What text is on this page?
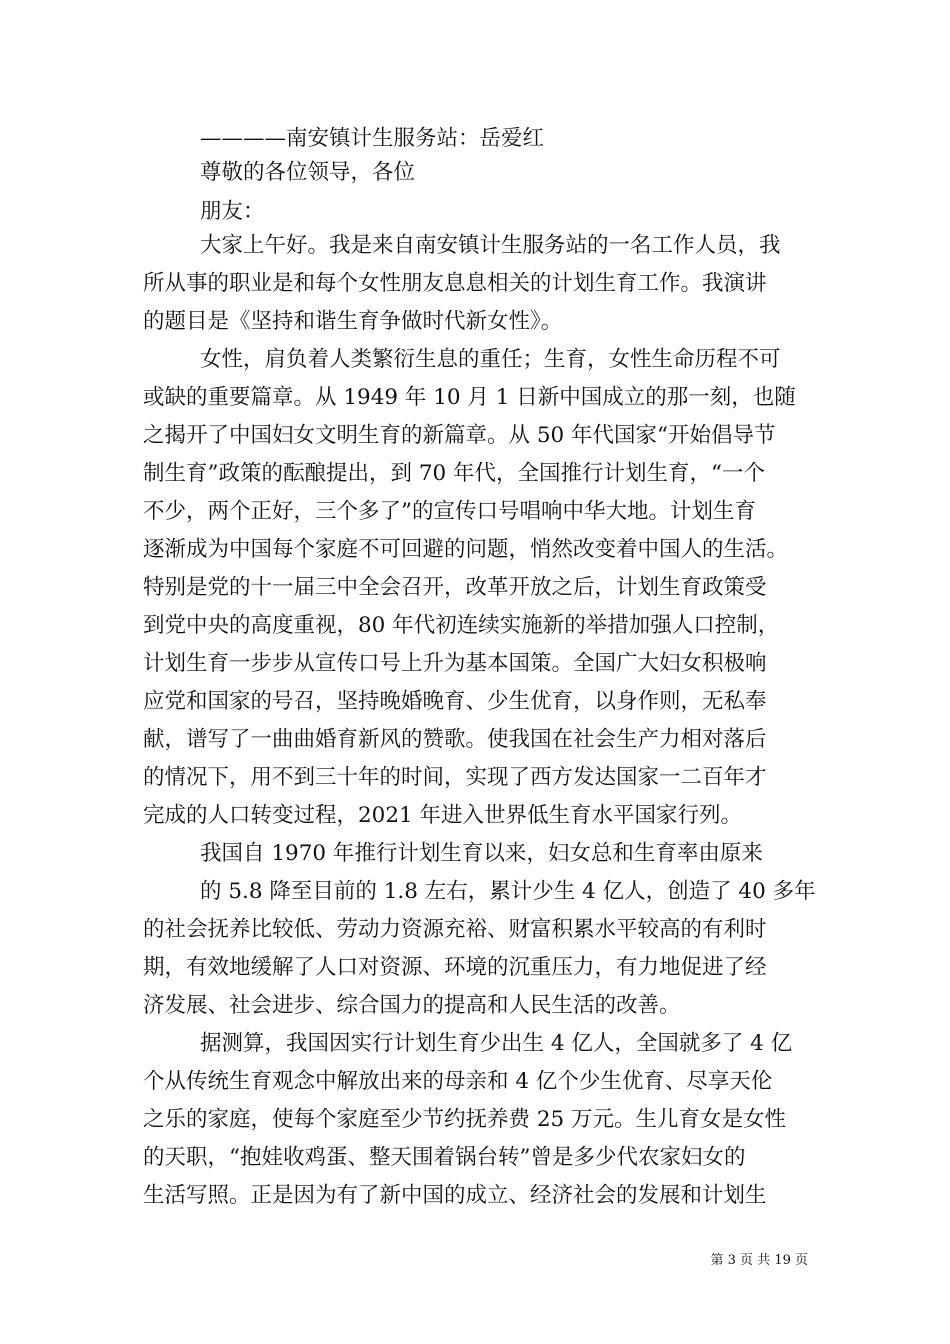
————南安镇计生服务站：岳爱红
尊敬的各位领导，各位
朋友：
大家上午好。我是来自南安镇计生服务站的一名工作人员，我
所从事的职业是和每个女性朋友息息相关的计划生育工作。我演讲
的题目是《坚持和谐生育争做时代新女性》。
女性，肩负着人类繁衍生息的重任；生育，女性生命历程不可
或缺的重要篇章。从 1949 年 10 月 1 日新中国成立的那一刻，也随
之揭开了中国妇女文明生育的新篇章。从 50 年代国家“开始倡导节
制生育”政策的酝酿提出，到 70 年代，全国推行计划生育，“一个
不少，两个正好，三个多了”的宣传口号唱响中华大地。计划生育
逐渐成为中国每个家庭不可回避的问题，悄然改变着中国人的生活。
特别是党的十一届三中全会召开，改革开放之后，计划生育政策受
到党中央的高度重视，80 年代初连续实施新的举措加强人口控制，
计划生育一步步从宣传口号上升为基本国策。全国广大妇女积极响
应党和国家的号召，坚持晚婚晚育、少生优育，以身作则，无私奉
献，谱写了一曲曲婚育新风的赞歌。使我国在社会生产力相对落后
的情况下，用不到三十年的时间，实现了西方发达国家一二百年才
完成的人口转变过程，2021 年进入世界低生育水平国家行列。
我国自 1970 年推行计划生育以来，妇女总和生育率由原来
的 5.8 降至目前的 1.8 左右，累计少生 4 亿人，创造了 40 多年
的社会抚养比较低、劳动力资源充裕、财富积累水平较高的有利时
期，有效地缓解了人口对资源、环境的沉重压力，有力地促进了经
济发展、社会进步、综合国力的提高和人民生活的改善。
据测算，我国因实行计划生育少出生 4 亿人，全国就多了 4 亿
个从传统生育观念中解放出来的母亲和 4 亿个少生优育、尽享天伦
之乐的家庭，使每个家庭至少节约抚养费 25 万元。生儿育女是女性
的天职，“抱娃收鸡蛋、整天围着锅台转”曾是多少代农家妇女的
生活写照。正是因为有了新中国的成立、经济社会的发展和计划生
第 3 页 共 19 页
